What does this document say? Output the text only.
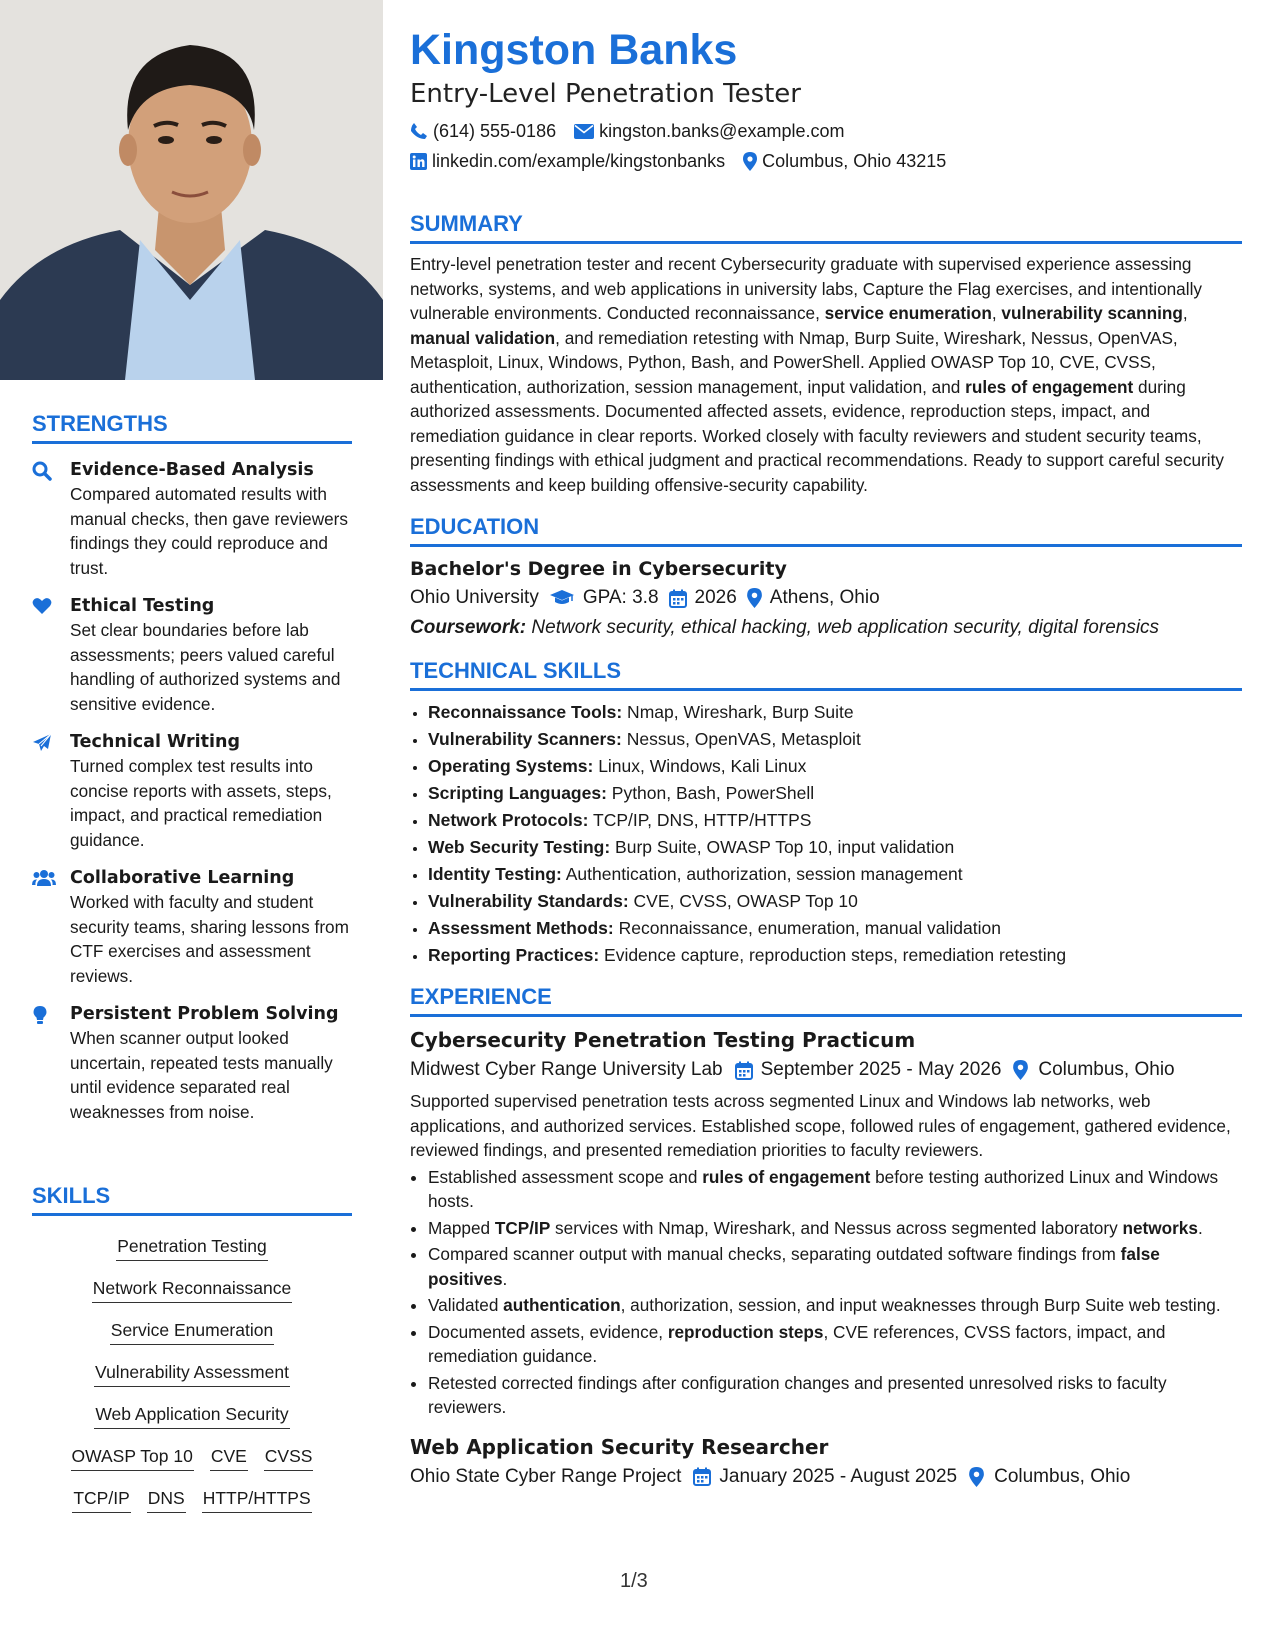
STRENGTHS
Evidence-Based Analysis
Compared automated results with manual checks, then gave reviewers findings they could reproduce and trust.
Ethical Testing
Set clear boundaries before lab assessments; peers valued careful handling of authorized systems and sensitive evidence.
Technical Writing
Turned complex test results into concise reports with assets, steps, impact, and practical remediation guidance.
Collaborative Learning
Worked with faculty and student security teams, sharing lessons from CTF exercises and assessment reviews.
Persistent Problem Solving
When scanner output looked uncertain, repeated tests manually until evidence separated real weaknesses from noise.
SKILLS
Penetration Testing
Network Reconnaissance
Service Enumeration
Vulnerability Assessment
Web Application Security
OWASP Top 10 CVE CVSS
TCP/IP DNS HTTP/HTTPS
Kingston Banks
Entry-Level Penetration Tester
(614) 555-0186 kingston.banks@example.com
linkedin.com/example/kingstonbanks Columbus, Ohio 43215
SUMMARY
Entry-level penetration tester and recent Cybersecurity graduate with supervised experience assessing networks, systems, and web applications in university labs, Capture the Flag exercises, and intentionally vulnerable environments. Conducted reconnaissance, service enumeration, vulnerability scanning, manual validation, and remediation retesting with Nmap, Burp Suite, Wireshark, Nessus, OpenVAS, Metasploit, Linux, Windows, Python, Bash, and PowerShell. Applied OWASP Top 10, CVE, CVSS, authentication, authorization, session management, input validation, and rules of engagement during authorized assessments. Documented affected assets, evidence, reproduction steps, impact, and remediation guidance in clear reports. Worked closely with faculty reviewers and student security teams, presenting findings with ethical judgment and practical recommendations. Ready to support careful security assessments and keep building offensive-security capability.
EDUCATION
Bachelor's Degree in Cybersecurity
Ohio University GPA: 3.8 2026 Athens, Ohio
Coursework: Network security, ethical hacking, web application security, digital forensics
TECHNICAL SKILLS
• Reconnaissance Tools: Nmap, Wireshark, Burp Suite
• Vulnerability Scanners: Nessus, OpenVAS, Metasploit
• Operating Systems: Linux, Windows, Kali Linux
• Scripting Languages: Python, Bash, PowerShell
• Network Protocols: TCP/IP, DNS, HTTP/HTTPS
• Web Security Testing: Burp Suite, OWASP Top 10, input validation
• Identity Testing: Authentication, authorization, session management
• Vulnerability Standards: CVE, CVSS, OWASP Top 10
• Assessment Methods: Reconnaissance, enumeration, manual validation
• Reporting Practices: Evidence capture, reproduction steps, remediation retesting
EXPERIENCE
Cybersecurity Penetration Testing Practicum
Midwest Cyber Range University Lab September 2025 - May 2026 Columbus, Ohio
Supported supervised penetration tests across segmented Linux and Windows lab networks, web applications, and authorized services. Established scope, followed rules of engagement, gathered evidence, reviewed findings, and presented remediation priorities to faculty reviewers.
• Established assessment scope and rules of engagement before testing authorized Linux and Windows hosts.
• Mapped TCP/IP services with Nmap, Wireshark, and Nessus across segmented laboratory networks.
• Compared scanner output with manual checks, separating outdated software findings from false positives.
• Validated authentication, authorization, session, and input weaknesses through Burp Suite web testing.
• Documented assets, evidence, reproduction steps, CVE references, CVSS factors, impact, and remediation guidance.
• Retested corrected findings after configuration changes and presented unresolved risks to faculty reviewers.
Web Application Security Researcher
Ohio State Cyber Range Project January 2025 - August 2025 Columbus, Ohio
1/3
